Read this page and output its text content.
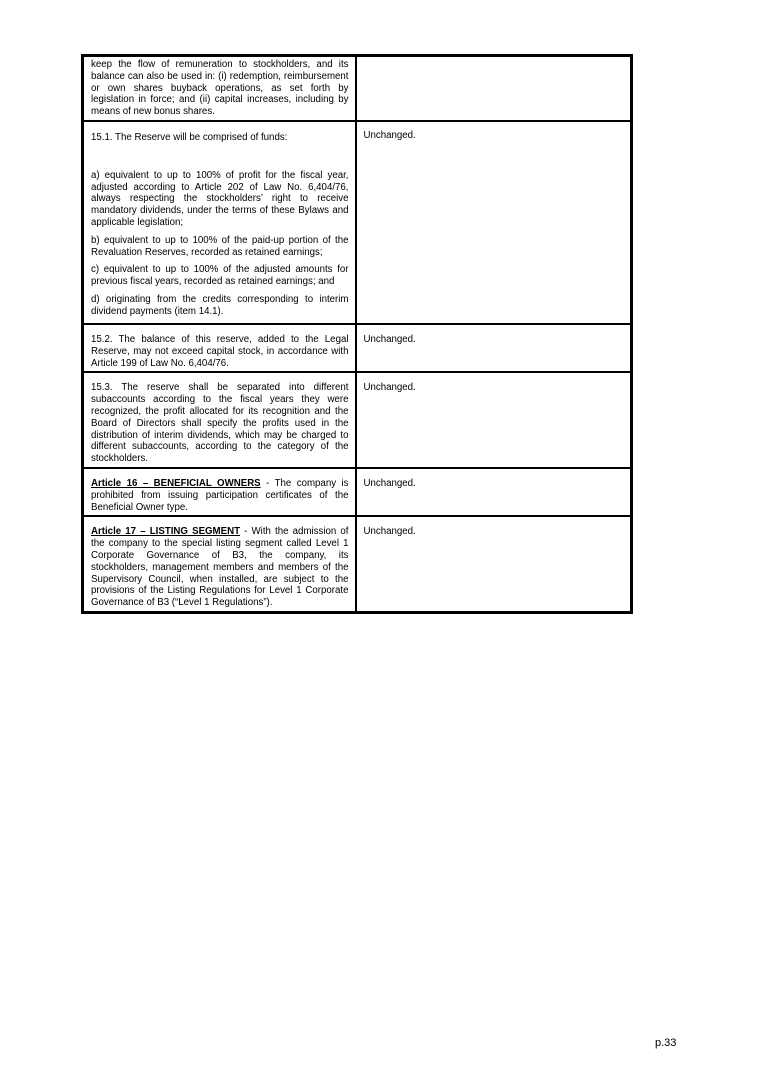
keep the flow of remuneration to stockholders, and its balance can also be used in: (i) redemption, reimbursement or own shares buyback operations, as set forth by legislation in force; and (ii) capital increases, including by means of new bonus shares.	

15.1. The Reserve will be comprised of funds:

a) equivalent to up to 100% of profit for the fiscal year, adjusted according to Article 202 of Law No. 6,404/76, always respecting the stockholders’ right to receive mandatory dividends, under the terms of these Bylaws and applicable legislation;

b) equivalent to up to 100% of the paid-up portion of the Revaluation Reserves, recorded as retained earnings;

c) equivalent to up to 100% of the adjusted amounts for previous fiscal years, recorded as retained earnings; and

d) originating from the credits corresponding to interim dividend payments (item 14.1).	Unchanged.

15.2. The balance of this reserve, added to the Legal Reserve, may not exceed capital stock, in accordance with Article 199 of Law No. 6,404/76.	Unchanged.

15.3. The reserve shall be separated into different subaccounts according to the fiscal years they were recognized, the profit allocated for its recognition and the Board of Directors shall specify the profits used in the distribution of interim dividends, which may be charged to different subaccounts, according to the category of the stockholders.	Unchanged.

Article 16 – BENEFICIAL OWNERS - The company is prohibited from issuing participation certificates of the Beneficial Owner type.	Unchanged.

Article 17 – LISTING SEGMENT - With the admission of the company to the special listing segment called Level 1 Corporate Governance of B3, the company, its stockholders, management members and members of the Supervisory Council, when installed, are subject to the provisions of the Listing Regulations for Level 1 Corporate Governance of B3 (“Level 1 Regulations”).	Unchanged.
p.33
